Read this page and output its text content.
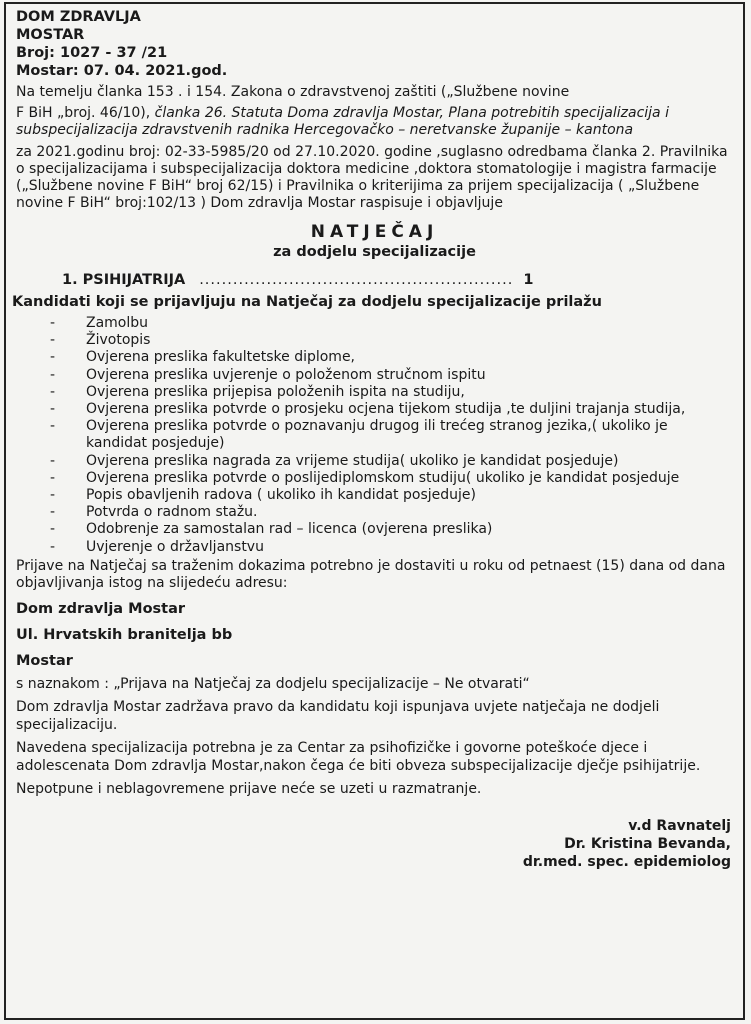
DOM ZDRAVLJA
MOSTAR
Broj: 1027 - 37 /21
Mostar: 07. 04. 2021.god.

Na temelju članka 153 . i 154. Zakona o zdravstvenoj zaštiti („Službene novine

F BiH „broj. 46/10), članka 26. Statuta Doma zdravlja Mostar, Plana potrebitih specijalizacija i subspecijalizacija zdravstvenih radnika Hercegovačko – neretvanske županije – kantona

za 2021.godinu broj: 02-33-5985/20 od 27.10.2020. godine ,suglasno odredbama članka 2. Pravilnika o specijalizacijama i subspecijalizacija doktora medicine ,doktora stomatologije i magistra farmacije („Službene novine F BiH“ broj 62/15) i Pravilnika o kriterijima za prijem specijalizacija ( „Službene novine F BiH“ broj:102/13 ) Dom zdravlja Mostar raspisuje i objavljuje

NATJEČAJ
za dodjelu specijalizacije
1. PSIHIJATRIJA ........................................................ 1
Kandidati koji se prijavljuju na Natječaj za dodjelu specijalizacije prilažu
-	Zamolbu
-	Životopis
-	Ovjerena preslika fakultetske diplome,
-	Ovjerena preslika uvjerenje o položenom stručnom ispitu
-	Ovjerena preslika prijepisa položenih ispita na studiju,
-	Ovjerena preslika potvrde o prosjeku ocjena tijekom studija ,te duljini trajanja studija,
-	Ovjerena preslika potvrde o poznavanju drugog ili trećeg stranog jezika,( ukoliko je kandidat posjeduje)
-	Ovjerena preslika nagrada za vrijeme studija( ukoliko je kandidat posjeduje)
-	Ovjerena preslika potvrde o poslijediplomskom studiju( ukoliko je kandidat posjeduje
-	Popis obavljenih radova ( ukoliko ih kandidat posjeduje)
-	Potvrda o radnom stažu.
-	Odobrenje za samostalan rad – licenca (ovjerena preslika)
-	Uvjerenje o državljanstvu

Prijave na Natječaj sa traženim dokazima potrebno je dostaviti u roku od petnaest (15) dana od dana objavljivanja istog na slijedeću adresu:

Dom zdravlja Mostar
Ul. Hrvatskih branitelja bb
Mostar

s naznakom : „Prijava na Natječaj za dodjelu specijalizacije – Ne otvarati“

Dom zdravlja Mostar zadržava pravo da kandidatu koji ispunjava uvjete natječaja ne dodjeli specijalizaciju.

Navedena specijalizacija potrebna je za Centar za psihofizičke i govorne poteškoće djece i adolescenata Dom zdravlja Mostar,nakon čega će biti obveza subspecijalizacije dječje psihijatrije.

Nepotpune i neblagovremene prijave neće se uzeti u razmatranje.

v.d Ravnatelj
Dr. Kristina Bevanda,
dr.med. spec. epidemiolog
